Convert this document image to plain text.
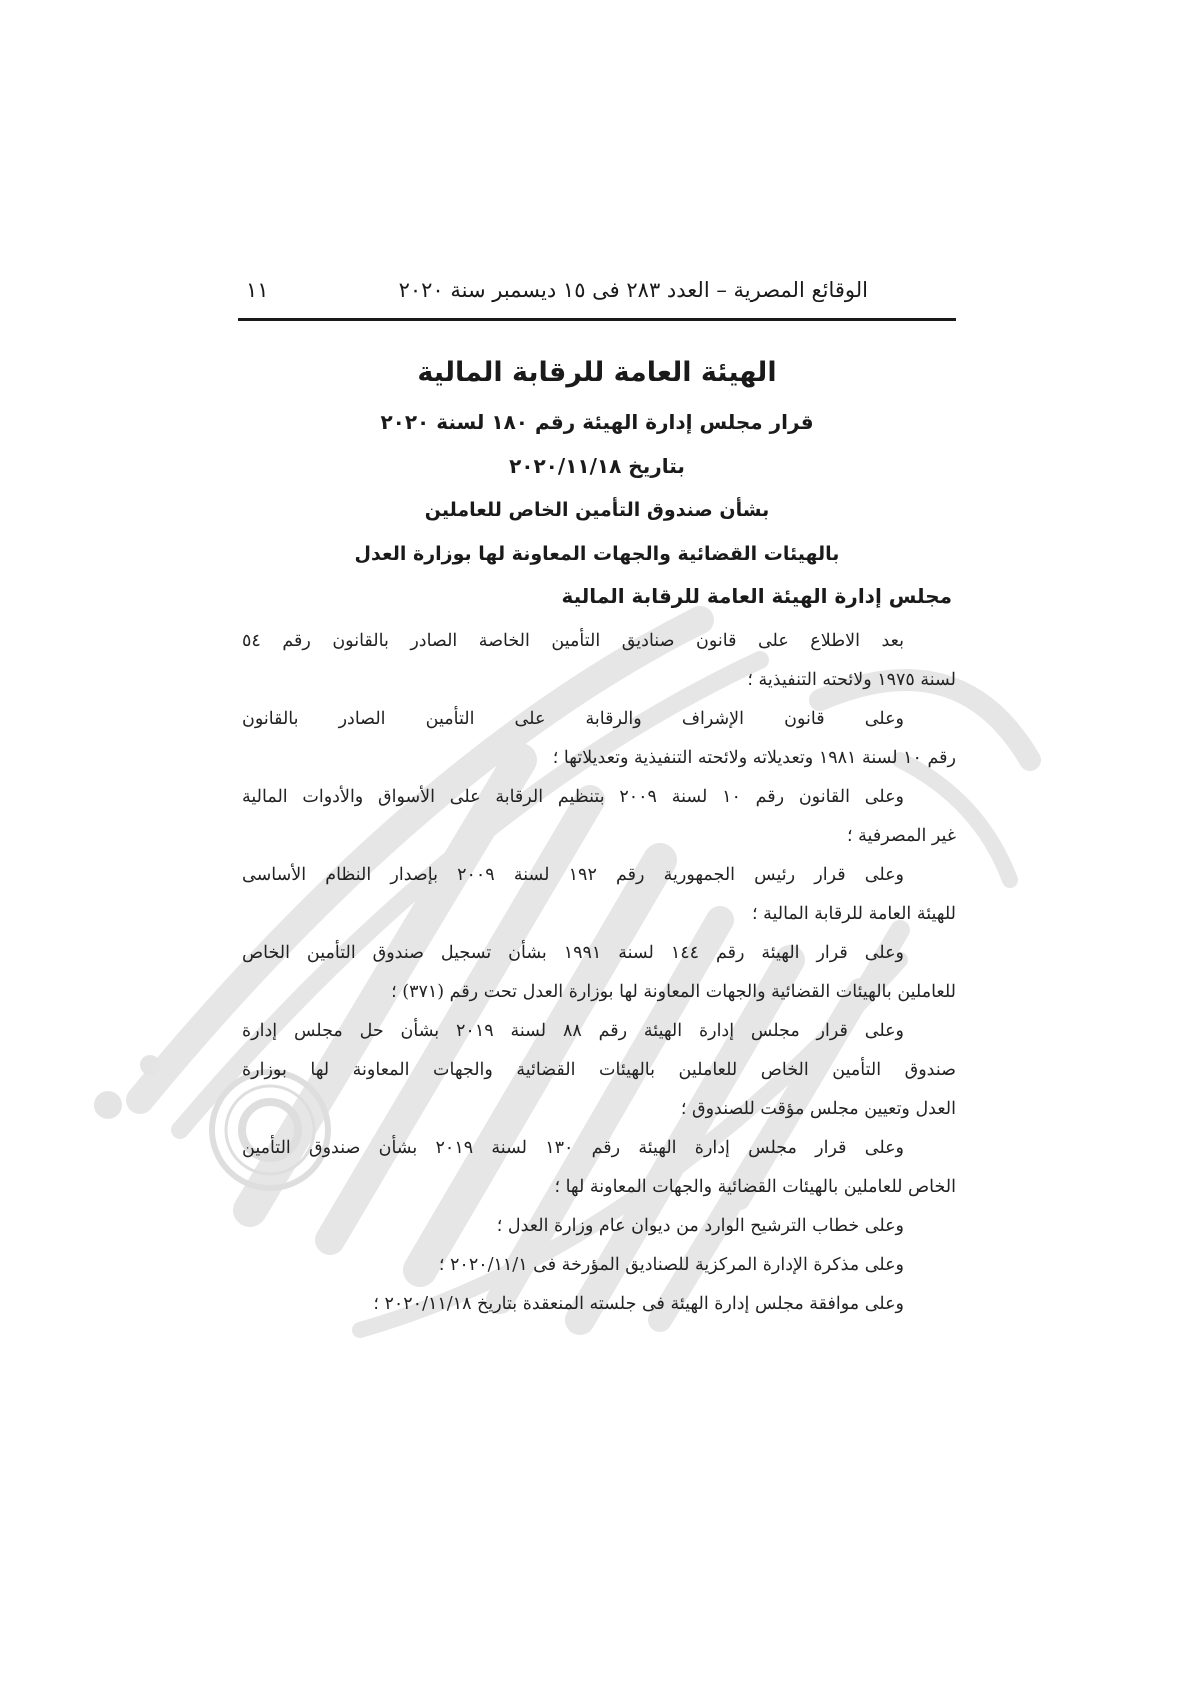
الوقائع المصرية – العدد ٢٨٣ فى ١٥ ديسمبر سنة ٢٠٢٠
١١
الهيئة العامة للرقابة المالية
قرار مجلس إدارة الهيئة رقم ١٨٠ لسنة ٢٠٢٠
بتاريخ ٢٠٢٠/١١/١٨
بشأن صندوق التأمين الخاص للعاملين
بالهيئات القضائية والجهات المعاونة لها بوزارة العدل
مجلس إدارة الهيئة العامة للرقابة المالية

بعد الاطلاع على قانون صناديق التأمين الخاصة الصادر بالقانون رقم ٥٤
لسنة ١٩٧٥ ولائحته التنفيذية ؛

وعلى قانون الإشراف والرقابة على التأمين الصادر بالقانون
رقم ١٠ لسنة ١٩٨١ وتعديلاته ولائحته التنفيذية وتعديلاتها ؛

وعلى القانون رقم ١٠ لسنة ٢٠٠٩ بتنظيم الرقابة على الأسواق والأدوات المالية
غير المصرفية ؛

وعلى قرار رئيس الجمهورية رقم ١٩٢ لسنة ٢٠٠٩ بإصدار النظام الأساسى
للهيئة العامة للرقابة المالية ؛

وعلى قرار الهيئة رقم ١٤٤ لسنة ١٩٩١ بشأن تسجيل صندوق التأمين الخاص
للعاملين بالهيئات القضائية والجهات المعاونة لها بوزارة العدل تحت رقم (٣٧١) ؛

وعلى قرار مجلس إدارة الهيئة رقم ٨٨ لسنة ٢٠١٩ بشأن حل مجلس إدارة
صندوق التأمين الخاص للعاملين بالهيئات القضائية والجهات المعاونة لها بوزارة
العدل وتعيين مجلس مؤقت للصندوق ؛

وعلى قرار مجلس إدارة الهيئة رقم ١٣٠ لسنة ٢٠١٩ بشأن صندوق التأمين
الخاص للعاملين بالهيئات القضائية والجهات المعاونة لها ؛

وعلى خطاب الترشيح الوارد من ديوان عام وزارة العدل ؛

وعلى مذكرة الإدارة المركزية للصناديق المؤرخة فى ٢٠٢٠/١١/١ ؛

وعلى موافقة مجلس إدارة الهيئة فى جلسته المنعقدة بتاريخ ٢٠٢٠/١١/١٨ ؛
